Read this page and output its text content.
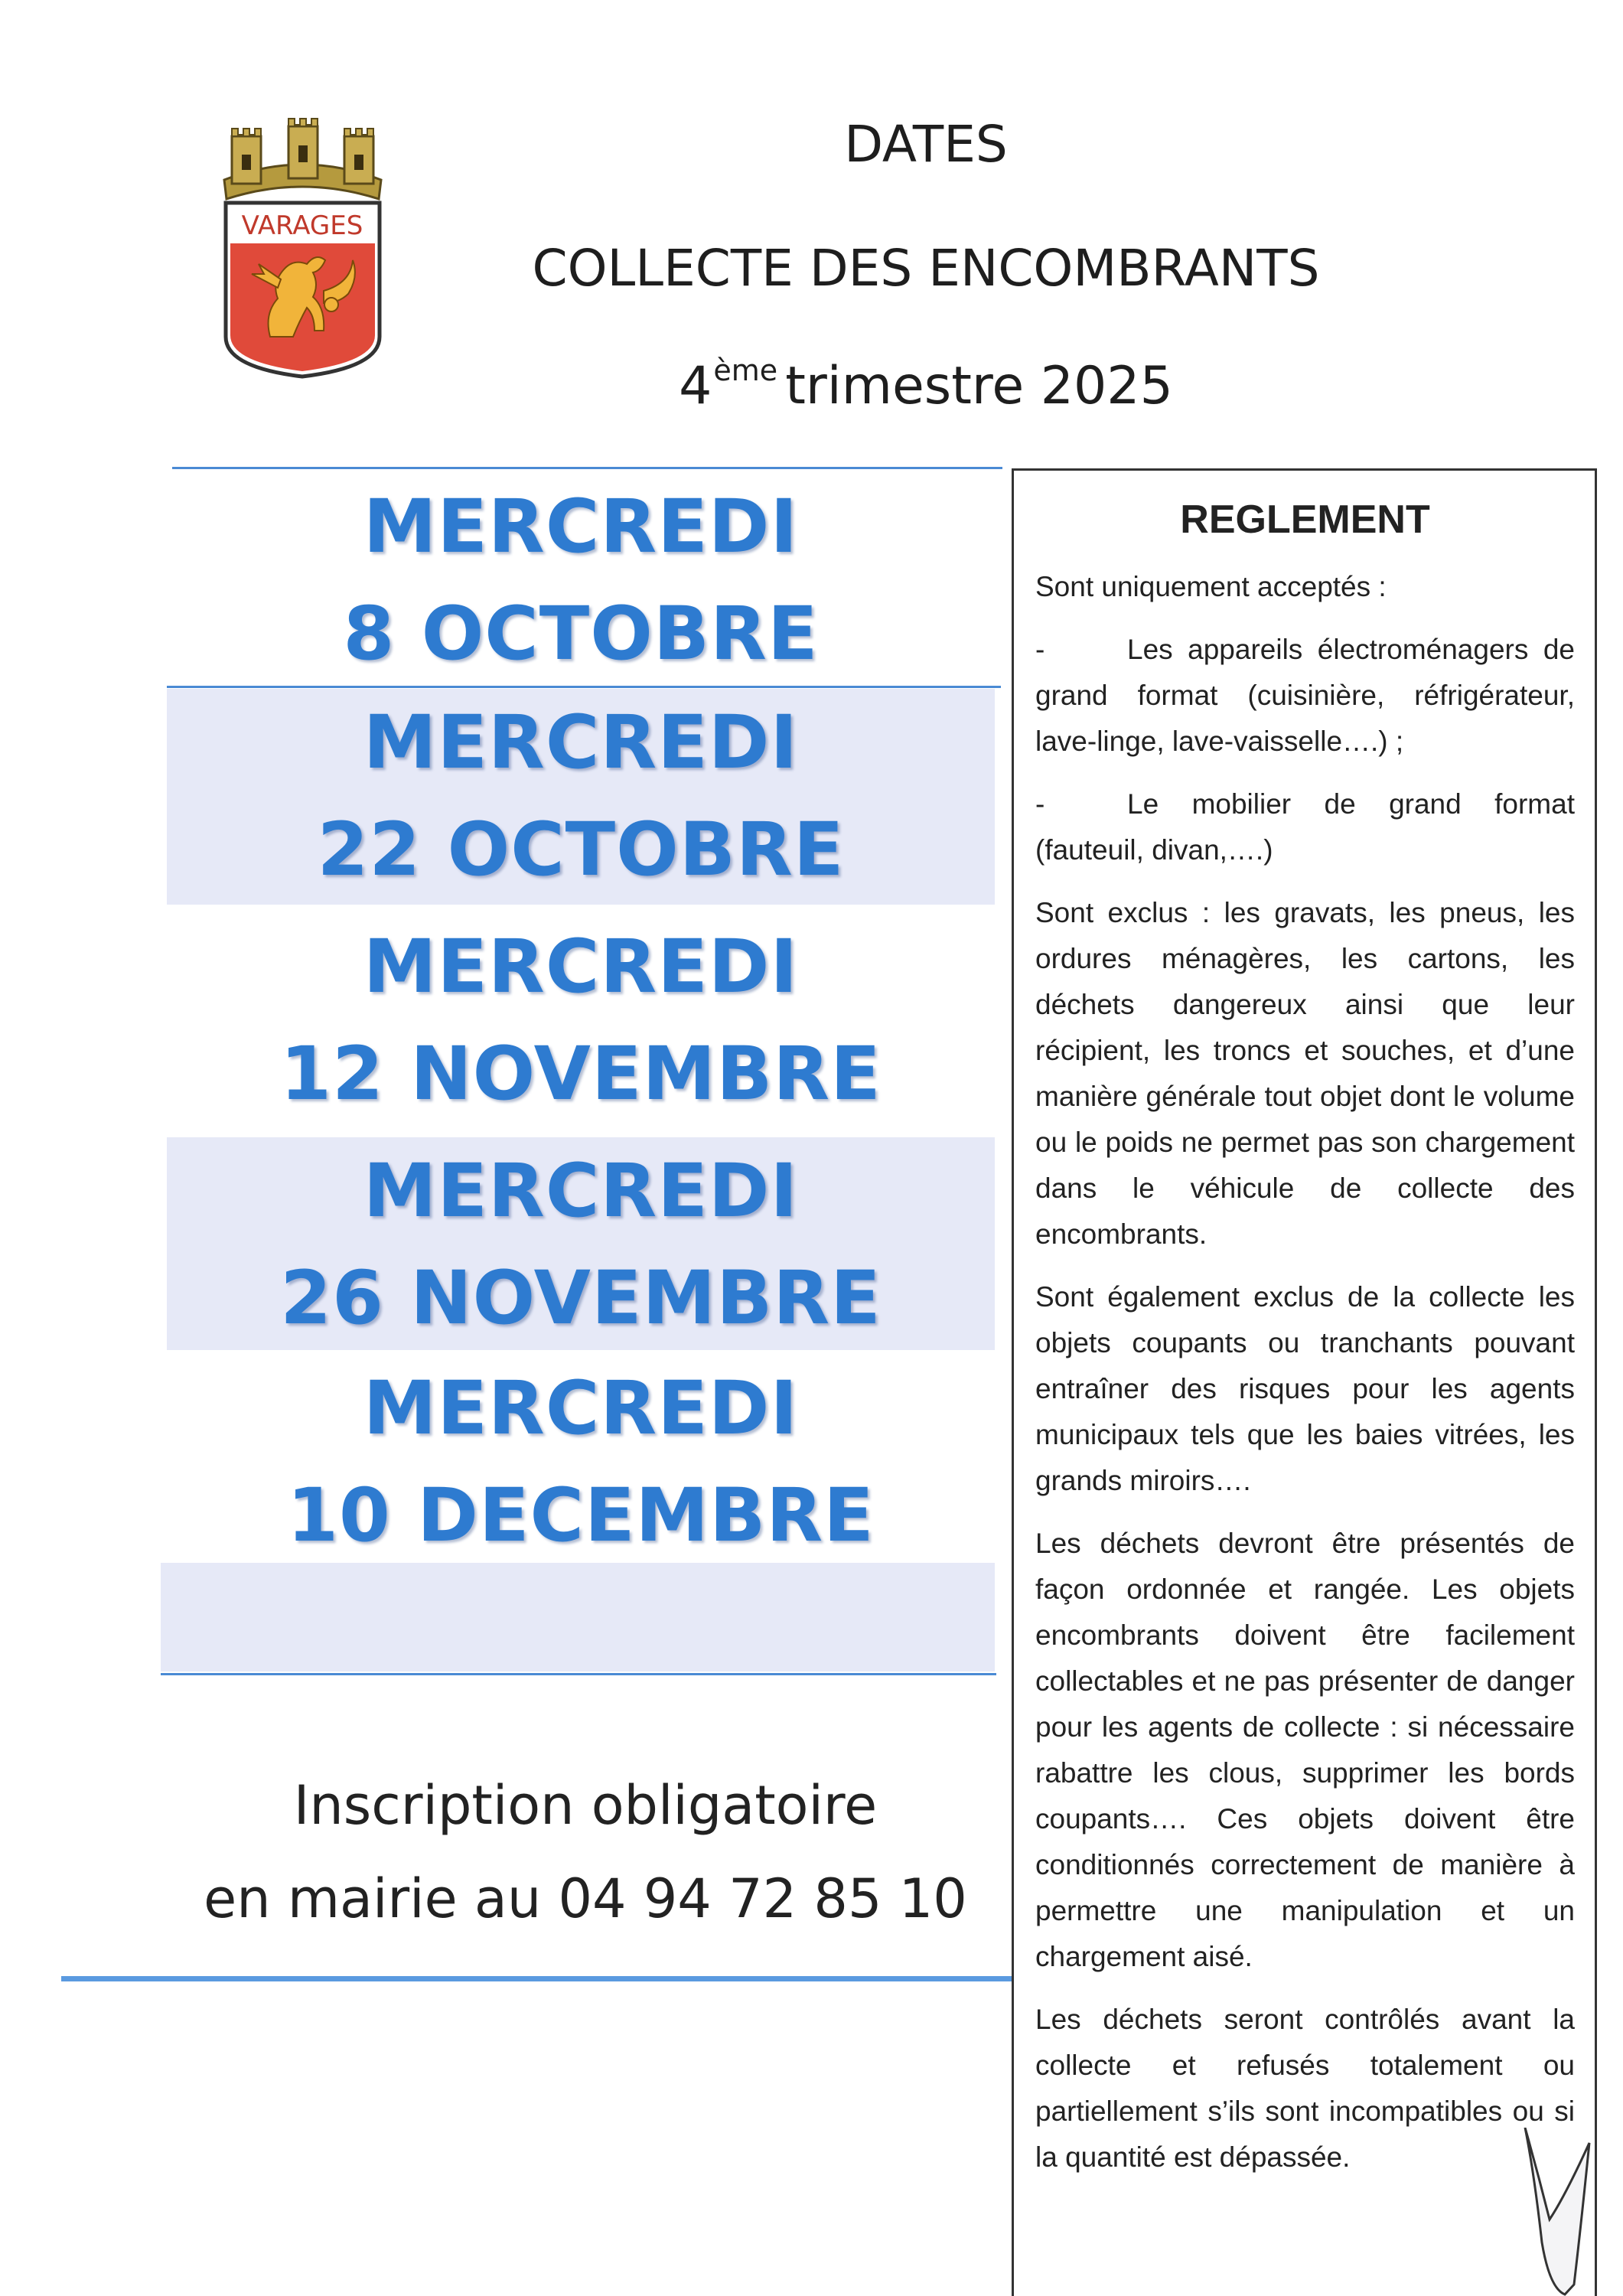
VARAGES
DATES
COLLECTE DES ENCOMBRANTS
4ème trimestre 2025
MERCREDI
8 OCTOBRE
MERCREDI
22 OCTOBRE
MERCREDI
12 NOVEMBRE
MERCREDI
26 NOVEMBRE
MERCREDI
10 DECEMBRE
Inscription obligatoire
en mairie au 04 94 72 85 10
REGLEMENT

Sont uniquement acceptés :

-	Les appareils électroménagers de grand format (cuisinière, réfrigérateur, lave-linge, lave-vaisselle….) ;

-	Le mobilier de grand format (fauteuil, divan,….)

Sont exclus : les gravats, les pneus, les ordures ménagères, les cartons, les déchets dangereux ainsi que leur récipient, les troncs et souches, et d’une manière générale tout objet dont le volume ou le poids ne permet pas son chargement dans le véhicule de collecte des encombrants.

Sont également exclus de la collecte les objets coupants ou tranchants pouvant entraîner des risques pour les agents municipaux tels que les baies vitrées, les grands miroirs….

Les déchets devront être présentés de façon ordonnée et rangée. Les objets encombrants doivent être facilement collectables et ne pas présenter de danger pour les agents de collecte : si nécessaire rabattre les clous, supprimer les bords coupants…. Ces objets doivent être conditionnés correctement de manière à permettre une manipulation et un chargement aisé.

Les déchets seront contrôlés avant la collecte et refusés totalement ou partiellement s’ils sont incompatibles ou si la quantité est dépassée.
